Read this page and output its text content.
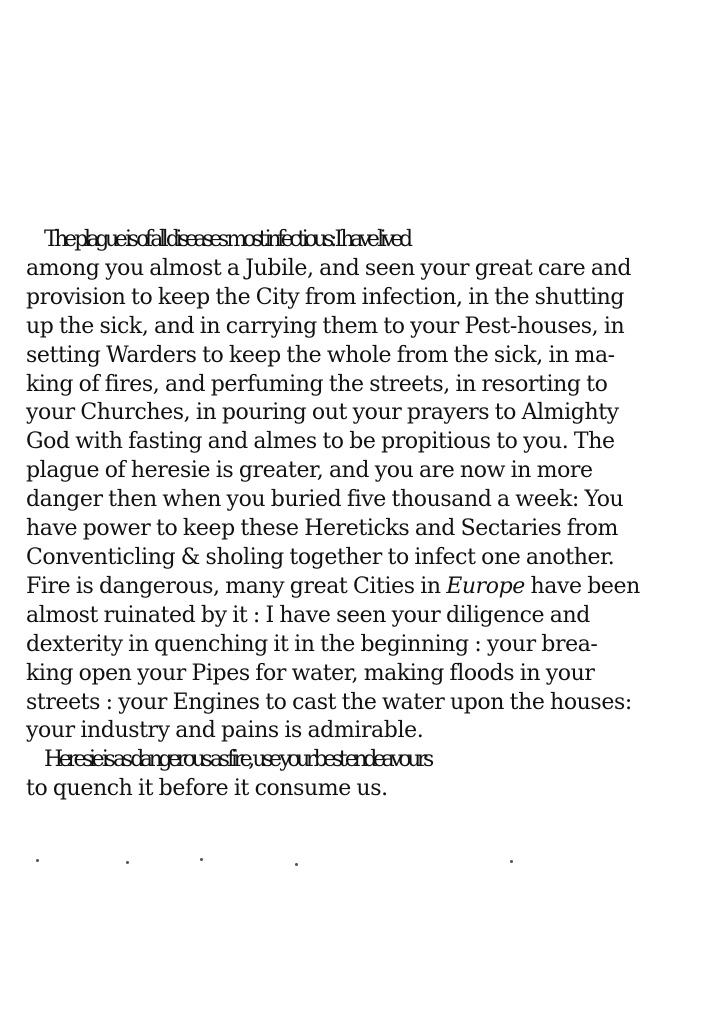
The plague is of all diseases most infectious: I have lived
among you almost a Jubile, and seen your great care and
provision to keep the City from infection, in the shutting
up the sick, and in carrying them to your Pest-houses, in
setting Warders to keep the whole from the sick, in ma-
king of fires, and perfuming the streets, in resorting to
your Churches, in pouring out your prayers to Almighty
God with fasting and almes to be propitious to you. The
plague of heresie is greater, and you are now in more
danger then when you buried five thousand a week: You
have power to keep these Hereticks and Sectaries from
Conventicling & sholing together to infect one another.
Fire is dangerous, many great Cities in Europe have been
almost ruinated by it : I have seen your diligence and
dexterity in quenching it in the beginning : your brea-
king open your Pipes for water, making floods in your
streets : your Engines to cast the water upon the houses:
your industry and pains is admirable.
Heresie is as dangerous as fire, use your best endeavours
to quench it before it consume us.
